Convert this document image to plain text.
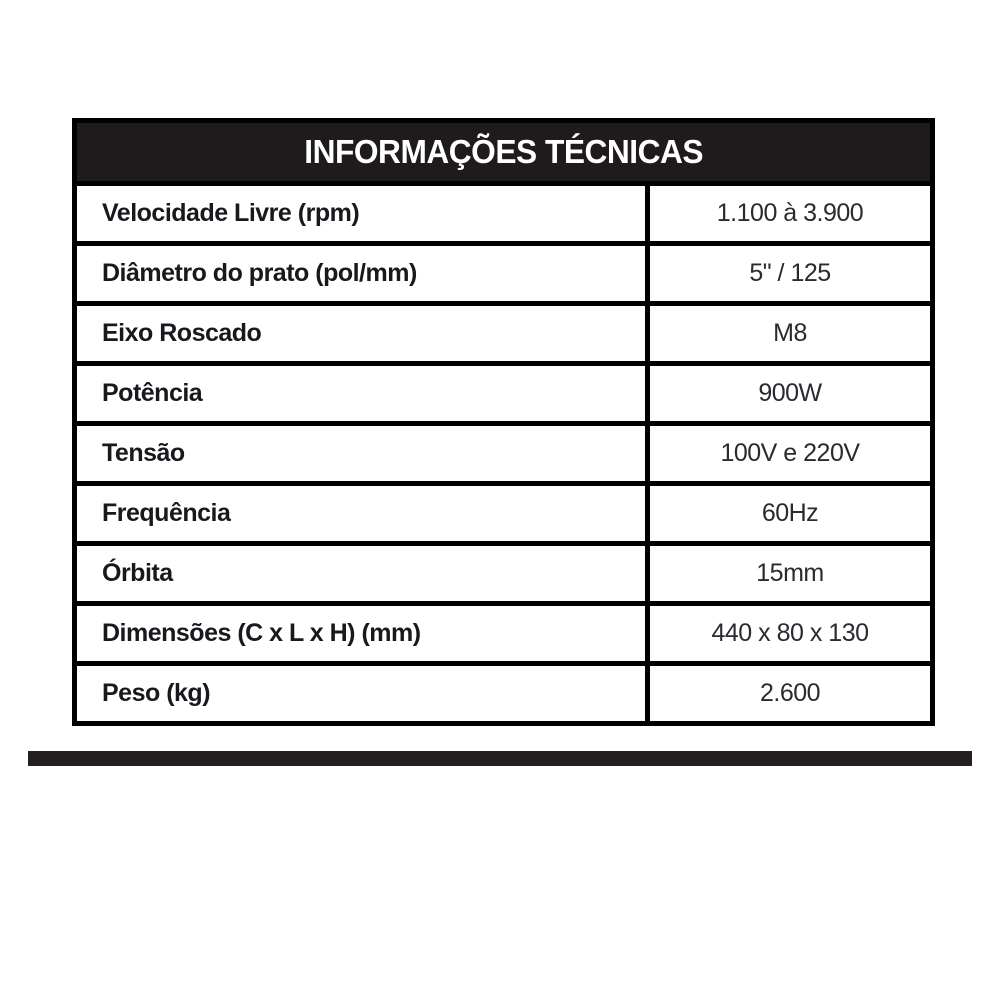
INFORMAÇÕES TÉCNICAS
Velocidade Livre (rpm)	1.100 à 3.900
Diâmetro do prato (pol/mm)	5" / 125
Eixo Roscado	M8
Potência	900W
Tensão	100V e 220V
Frequência	60Hz
Órbita	15mm
Dimensões (C x L x H) (mm)	440 x 80 x 130
Peso (kg)	2.600
